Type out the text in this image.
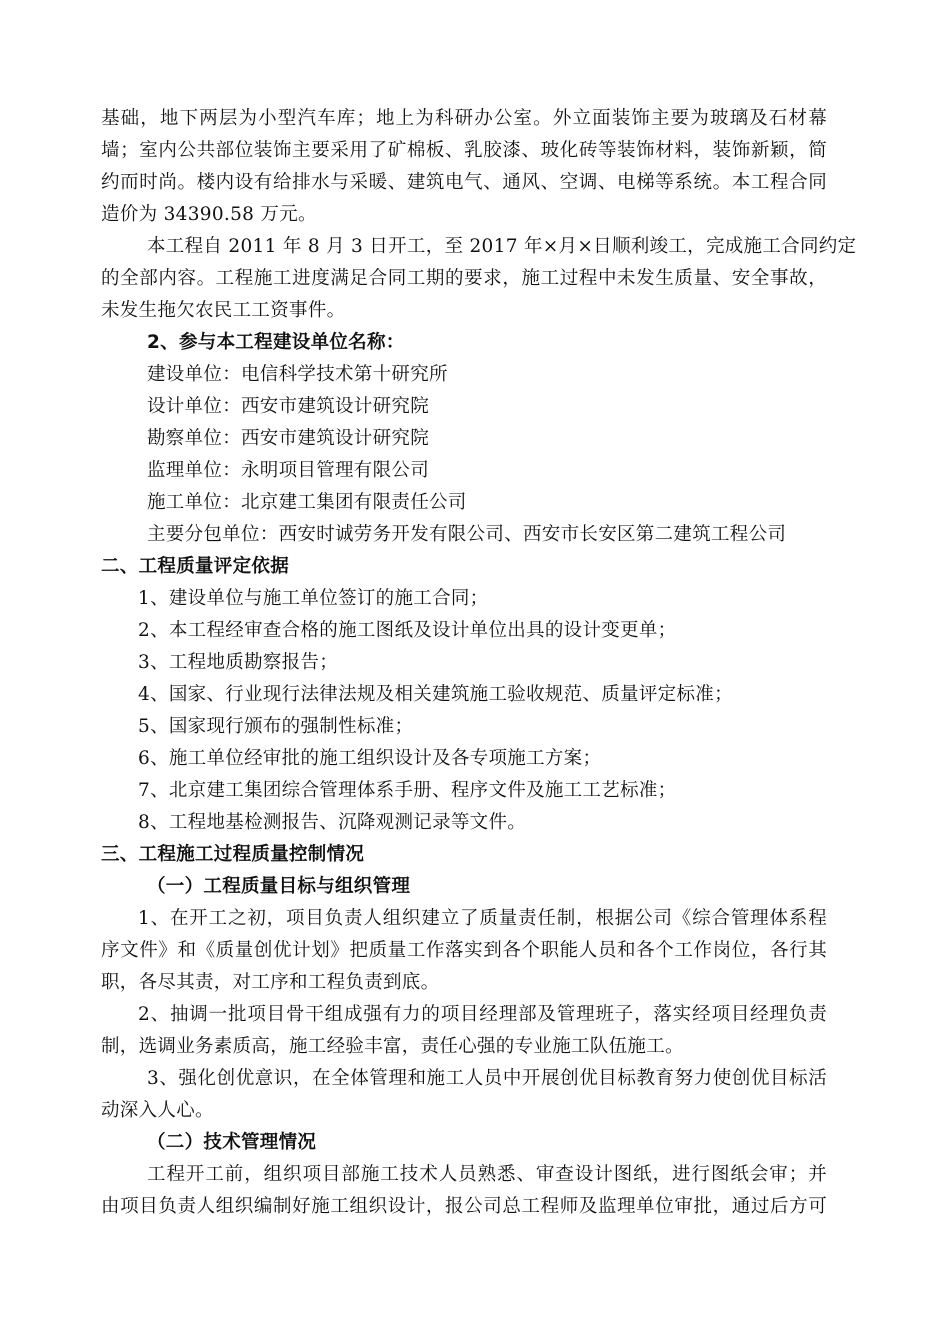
基础，地下两层为小型汽车库；地上为科研办公室。外立面装饰主要为玻璃及石材幕
墙；室内公共部位装饰主要采用了矿棉板、乳胶漆、玻化砖等装饰材料，装饰新颖，简
约而时尚。楼内设有给排水与采暖、建筑电气、通风、空调、电梯等系统。本工程合同
造价为 34390.58 万元。
本工程自 2011 年 8 月 3 日开工，至 2017 年×月×日顺利竣工，完成施工合同约定
的全部内容。工程施工进度满足合同工期的要求，施工过程中未发生质量、安全事故，
未发生拖欠农民工工资事件。
2、参与本工程建设单位名称：
建设单位：电信科学技术第十研究所
设计单位：西安市建筑设计研究院
勘察单位：西安市建筑设计研究院
监理单位：永明项目管理有限公司
施工单位：北京建工集团有限责任公司
主要分包单位：西安时诚劳务开发有限公司、西安市长安区第二建筑工程公司
二、工程质量评定依据
1、建设单位与施工单位签订的施工合同；
2、本工程经审查合格的施工图纸及设计单位出具的设计变更单；
3、工程地质勘察报告；
4、国家、行业现行法律法规及相关建筑施工验收规范、质量评定标准；
5、国家现行颁布的强制性标准；
6、施工单位经审批的施工组织设计及各专项施工方案；
7、北京建工集团综合管理体系手册、程序文件及施工工艺标准；
8、工程地基检测报告、沉降观测记录等文件。
三、工程施工过程质量控制情况
（一）工程质量目标与组织管理
1、在开工之初，项目负责人组织建立了质量责任制，根据公司《综合管理体系程
序文件》和《质量创优计划》把质量工作落实到各个职能人员和各个工作岗位，各行其
职，各尽其责，对工序和工程负责到底。
2、抽调一批项目骨干组成强有力的项目经理部及管理班子，落实经项目经理负责
制，选调业务素质高，施工经验丰富，责任心强的专业施工队伍施工。
3、强化创优意识，在全体管理和施工人员中开展创优目标教育努力使创优目标活
动深入人心。
（二）技术管理情况
工程开工前，组织项目部施工技术人员熟悉、审查设计图纸，进行图纸会审；并
由项目负责人组织编制好施工组织设计，报公司总工程师及监理单位审批，通过后方可
